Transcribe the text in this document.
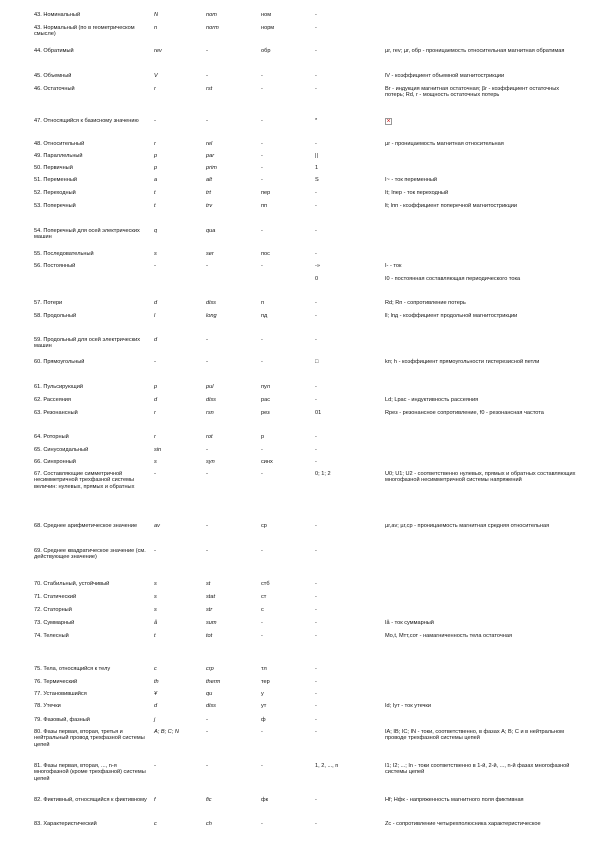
43. Номинальный	N	nom	ном	-	
43. Нормальный (по в геометрическом смысле)	n	norm	норм	-	
44. Обратимый	rev	-	обр	-	µr, rev; µr, обр - проницаемость относительная магнитная обратимая
45. Объемный	V	-	-	-	lV - коэффициент объемной магнитострикции
46. Остаточный	r	rst	-	-	Br - индукция магнитная остаточная; βr - коэффициент остаточных потерь; Rd, r - мощность остаточных потерь
47. Относящийся к базисному значению	-	-	-	*	×
48. Относительный	r	rel	-	-	µr - проницаемость магнитная относительная
49. Параллельный	p	par	-	||	
50. Первичный	p	prim	-	1	
51. Переменный	a	alt	-	S	I~ - ток переменный
52. Переходный	t	trt	пер	-	It; Iпер - ток переходный
53. Поперечный	t	trv	пп	-	lt; lпп - коэффициент поперечной магнитострикции
54. Поперечный для осей электрических машин	q	qua	-	-	
55. Последовательный	s	ser	пос	-	
56. Постоянный	-	-	-	-»	I- - ток
				0	I0 - постоянная составляющая периодического тока
57. Потери	d	diss	п	-	Rd; Rп - сопротивление потерь
58. Продольный	l	long	пд	-	ll; lпд - коэффициент продольной магнитострикции
59. Продольный для осей электрических машин	d	-	-	-	
60. Прямоугольный	-	-	-	□	kп; h - коэффициент прямоугольности гистерезисной петли
61. Пульсирующий	p	pul	пул	-	
62. Рассеяния	d	diss	рас	-	Ld; Lрас - индуктивность рассеяния
63. Резонансный	r	rsn	рез	01	Rрез - резонансное сопротивление, f0 - резонансная частота
64. Роторный	r	rot	р	-	
65. Синусоидальный	sin	-	-	-	
66. Синхронный	s	syn	синх	-	
67. Составляющие симметричной несимметричной трехфазной системы величин: нулевых, прямых и обратных	-	-	-	0; 1; 2	U0; U1; U2 - соответственно нулевых, прямых и обратных составляющих многофазной несимметричной системы напряжений
68. Среднее арифметическое значение	av	-	ср	-	µr,av; µr,ср - проницаемость магнитная средняя относительная
69. Среднее квадратическое значение (см. действующее значение)	-	-	-	-	
70. Стабильный, устойчивый	s	st	стб	-	
71. Статический	s	stat	ст	-	
72. Статорный	s	str	с	-	
73. Суммарный	å	sum	-	-	Iå - ток суммарный
74. Телесный	t	tot	-	-	Mo,t, Mтт,сот - намагниченность тела остаточная
75. Тела, относящийся к телу	c	crp	тл	-	
76. Термический	th	therm	тер	-	
77. Установившийся	¥	qu	у	-	
78. Утечки	d	diss	ут	-	Id; Iут - ток утечки
79. Фазовый, фазный	j	-	ф	-	
80. Фазы первая, вторая, третья и нейтральный провод трехфазной системы цепей	A; B; C; N	-	-	-	IA; IB; IC; IN - токи, соответственно, в фазах A; B; C и в нейтральном проводе трехфазной системы цепей
81. Фазы первая, вторая, ..., n-я многофазной (кроме трехфазной) системы цепей	-	-	-	1, 2, ..., n	I1; I2; ...; In - токи соответственно в 1-й, 2-й, ..., n-й фазах многофазной системы цепей
82. Фиктивный, относящийся к фиктивному	f	fic	фк	-	Hf; Hфк - напряженность магнитного поля фиктивная
83. Характеристический	c	ch	-	-	Zc - сопротивление четырехполюсника характеристическое
